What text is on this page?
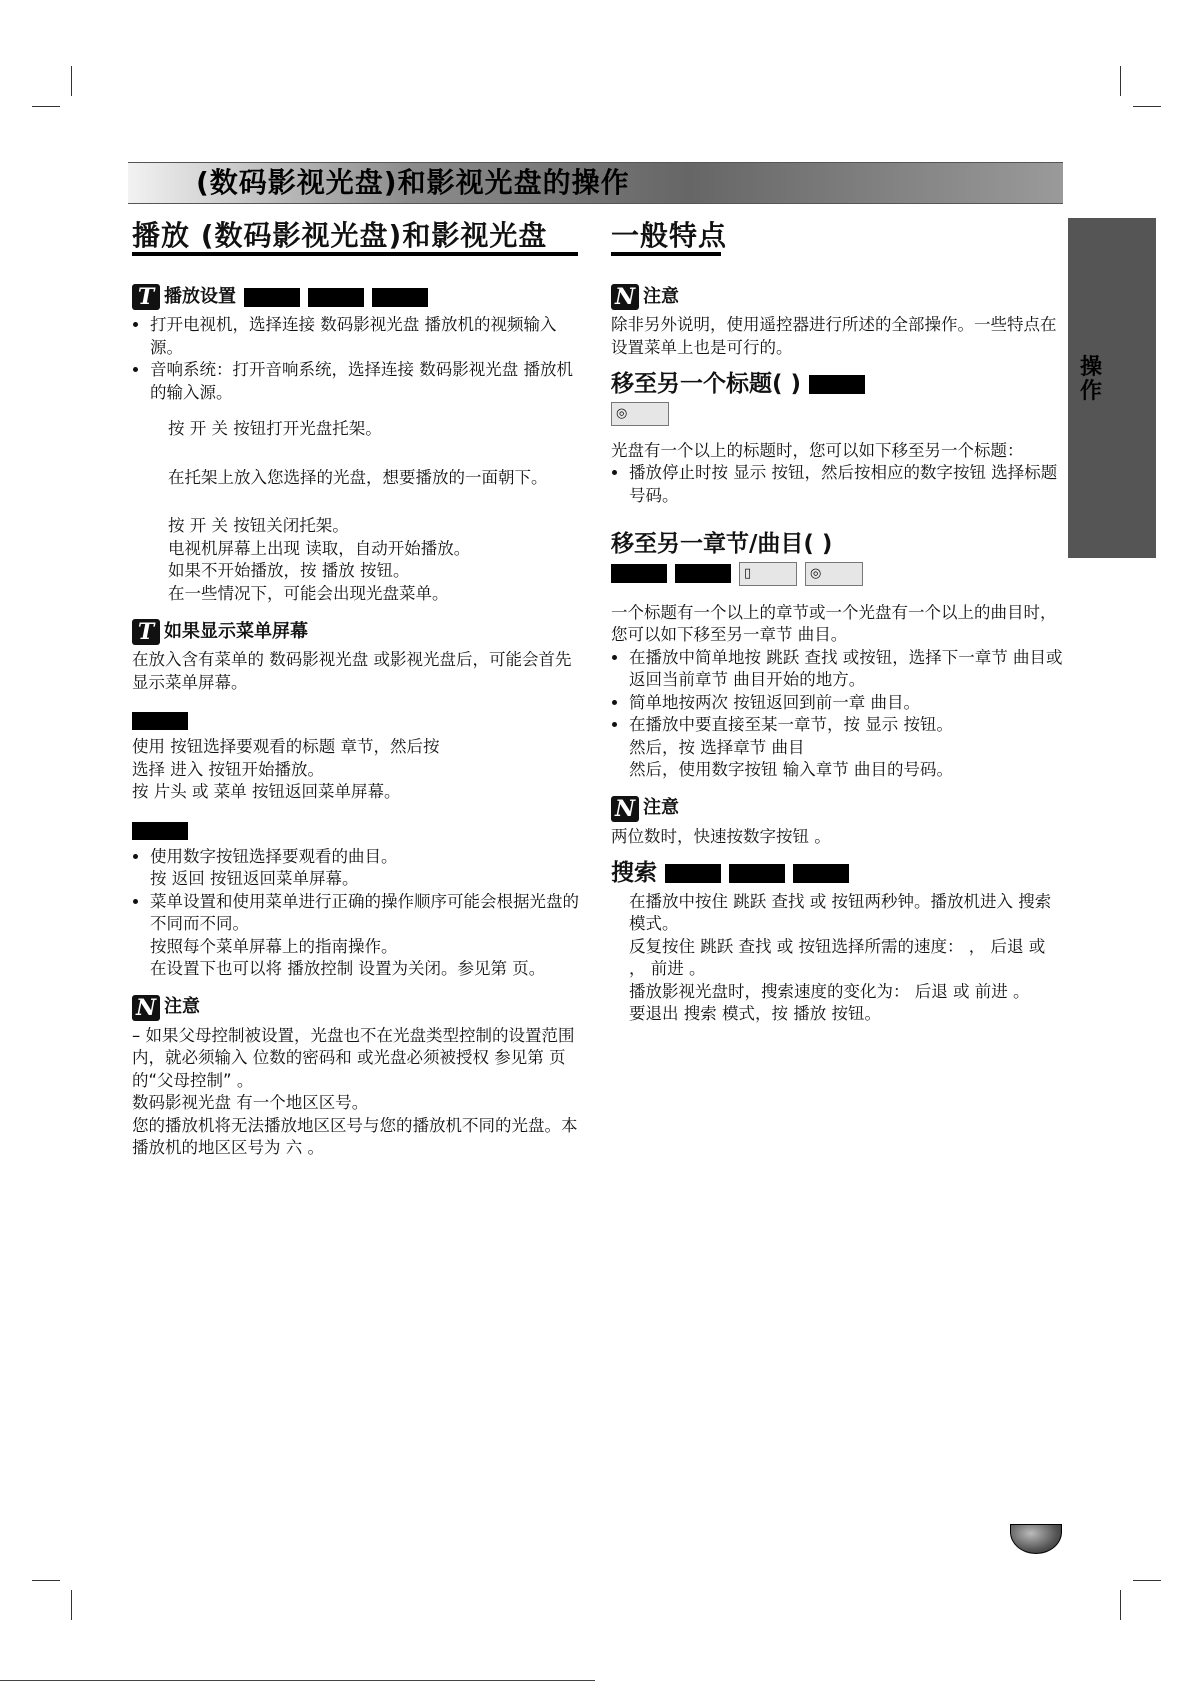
(数码影视光盘)和影视光盘的操作
播放 (数码影视光盘)和影视光盘 一般特点
操作
T 播放设置
• 打开电视机，选择连接 数码影视光盘 播放机的视频输入源。
• 音响系统：打开音响系统，选择连接 数码影视光盘 播放机的输入源。

按 开 关 按钮打开光盘托架。

在托架上放入您选择的光盘，想要播放的一面朝下。

按 开 关 按钮关闭托架。

电视机屏幕上出现 读取，自动开始播放。

如果不开始播放，按 播放 按钮。

在一些情况下，可能会出现光盘菜单。

T 如果显示菜单屏幕

在放入含有菜单的 数码影视光盘 或影视光盘后，可能会首先显示菜单屏幕。

使用 按钮选择要观看的标题 章节，然后按

选择 进入 按钮开始播放。

按 片头 或 菜单 按钮返回菜单屏幕。

• 使用数字按钮选择要观看的曲目。

按 返回 按钮返回菜单屏幕。

• 菜单设置和使用菜单进行正确的操作顺序可能会根据光盘的不同而不同。

按照每个菜单屏幕上的指南操作。

在设置下也可以将 播放控制 设置为关闭。参见第 页。

N 注意

– 如果父母控制被设置，光盘也不在光盘类型控制的设置范围内，就必须输入 位数的密码和 或光盘必须被授权 参见第 页的“父母控制” 。

数码影视光盘 有一个地区区号。

您的播放机将无法播放地区区号与您的播放机不同的光盘。本播放机的地区区号为 六 。

N 注意

除非另外说明，使用遥控器进行所述的全部操作。一些特点在设置菜单上也是可行的。

移至另一个标题( )
◎

光盘有一个以上的标题时，您可以如下移至另一个标题：

• 播放停止时按 显示 按钮，然后按相应的数字按钮 选择标题号码。
移至另一章节/曲目( )
▯	◎

一个标题有一个以上的章节或一个光盘有一个以上的曲目时，您可以如下移至另一章节 曲目。

• 在播放中简单地按 跳跃 查找 或按钮，选择下一章节 曲目或返回当前章节 曲目开始的地方。
• 简单地按两次 按钮返回到前一章 曲目。
• 在播放中要直接至某一章节，按 显示 按钮。

然后，按 选择章节 曲目

然后，使用数字按钮 输入章节 曲目的号码。

N 注意

两位数时，快速按数字按钮 。

搜索

在播放中按住 跳跃 查找 或 按钮两秒钟。播放机进入 搜索 模式。

反复按住 跳跃 查找 或 按钮选择所需的速度： ， 后退 或 ， 前进 。

播放影视光盘时，搜索速度的变化为： 后退 或 前进 。

要退出 搜索 模式，按 播放 按钮。
